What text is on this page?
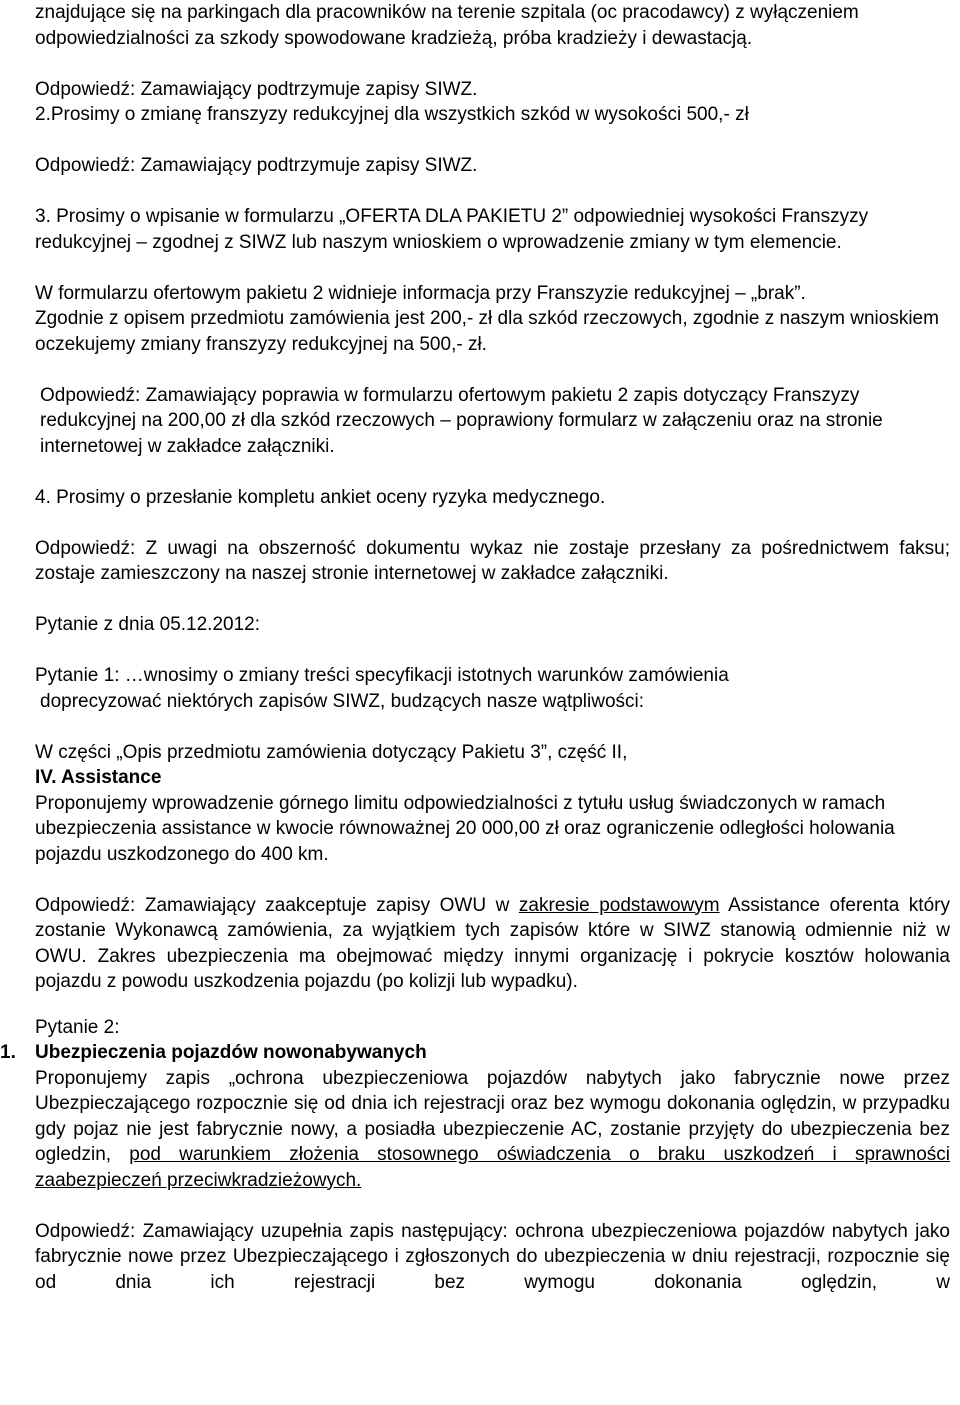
znajdujące się na parkingach dla pracowników na terenie szpitala (oc pracodawcy) z wyłączeniem odpowiedzialności za szkody spowodowane kradzieżą, próba kradzieży i dewastacją.

Odpowiedź: Zamawiający podtrzymuje zapisy SIWZ.

2.Prosimy o zmianę franszyzy redukcyjnej dla wszystkich szkód w wysokości 500,- zł

Odpowiedź: Zamawiający podtrzymuje zapisy SIWZ.

3. Prosimy o wpisanie w formularzu „OFERTA DLA PAKIETU 2” odpowiedniej wysokości Franszyzy redukcyjnej – zgodnej z SIWZ lub naszym wnioskiem o wprowadzenie zmiany w tym elemencie.

W formularzu ofertowym pakietu 2 widnieje informacja przy Franszyzie redukcyjnej – „brak”.

Zgodnie z opisem przedmiotu zamówienia jest 200,- zł dla szkód rzeczowych, zgodnie z naszym wnioskiem oczekujemy zmiany franszyzy redukcyjnej na 500,- zł.

Odpowiedź: Zamawiający poprawia w formularzu ofertowym pakietu 2 zapis dotyczący Franszyzy redukcyjnej na 200,00 zł dla szkód rzeczowych – poprawiony formularz w załączeniu oraz na stronie internetowej w zakładce załączniki.

4. Prosimy o przesłanie kompletu ankiet oceny ryzyka medycznego.

Odpowiedź: Z uwagi na obszerność dokumentu wykaz nie zostaje przesłany za pośrednictwem faksu; zostaje zamieszczony na naszej stronie internetowej w zakładce załączniki.

Pytanie z dnia 05.12.2012:

Pytanie 1: …wnosimy o zmiany treści specyfikacji istotnych warunków zamówienia

doprecyzować niektórych zapisów SIWZ, budzących nasze wątpliwości:

W części „Opis przedmiotu zamówienia dotyczący Pakietu 3”, część II,

IV. Assistance

Proponujemy wprowadzenie górnego limitu odpowiedzialności z tytułu usług świadczonych w ramach ubezpieczenia assistance w kwocie równoważnej 20 000,00 zł oraz ograniczenie odległości holowania pojazdu uszkodzonego do 400 km.

Odpowiedź: Zamawiający zaakceptuje zapisy OWU w zakresie podstawowym Assistance oferenta który zostanie Wykonawcą zamówienia, za wyjątkiem tych zapisów które w SIWZ stanowią odmiennie niż w OWU. Zakres ubezpieczenia ma obejmować między innymi organizację i pokrycie kosztów holowania pojazdu z powodu uszkodzenia pojazdu (po kolizji lub wypadku).

Pytanie 2:

1.	Ubezpieczenia pojazdów nowonabywanych

Proponujemy zapis „ochrona ubezpieczeniowa pojazdów nabytych jako fabrycznie nowe przez Ubezpieczającego rozpocznie się od dnia ich rejestracji oraz bez wymogu dokonania oględzin, w przypadku gdy pojaz nie jest fabrycznie nowy, a posiadła ubezpieczenie AC, zostanie przyjęty do ubezpieczenia bez ogledzin, pod warunkiem złożenia stosownego oświadczenia o braku uszkodzeń i sprawności zaabezpieczeń przeciwkradzieżowych.

Odpowiedź: Zamawiający uzupełnia zapis następujący: ochrona ubezpieczeniowa pojazdów nabytych jako fabrycznie nowe przez Ubezpieczającego i zgłoszonych do ubezpieczenia w dniu rejestracji, rozpocznie się od dnia ich rejestracji bez wymogu dokonania oględzin, w
